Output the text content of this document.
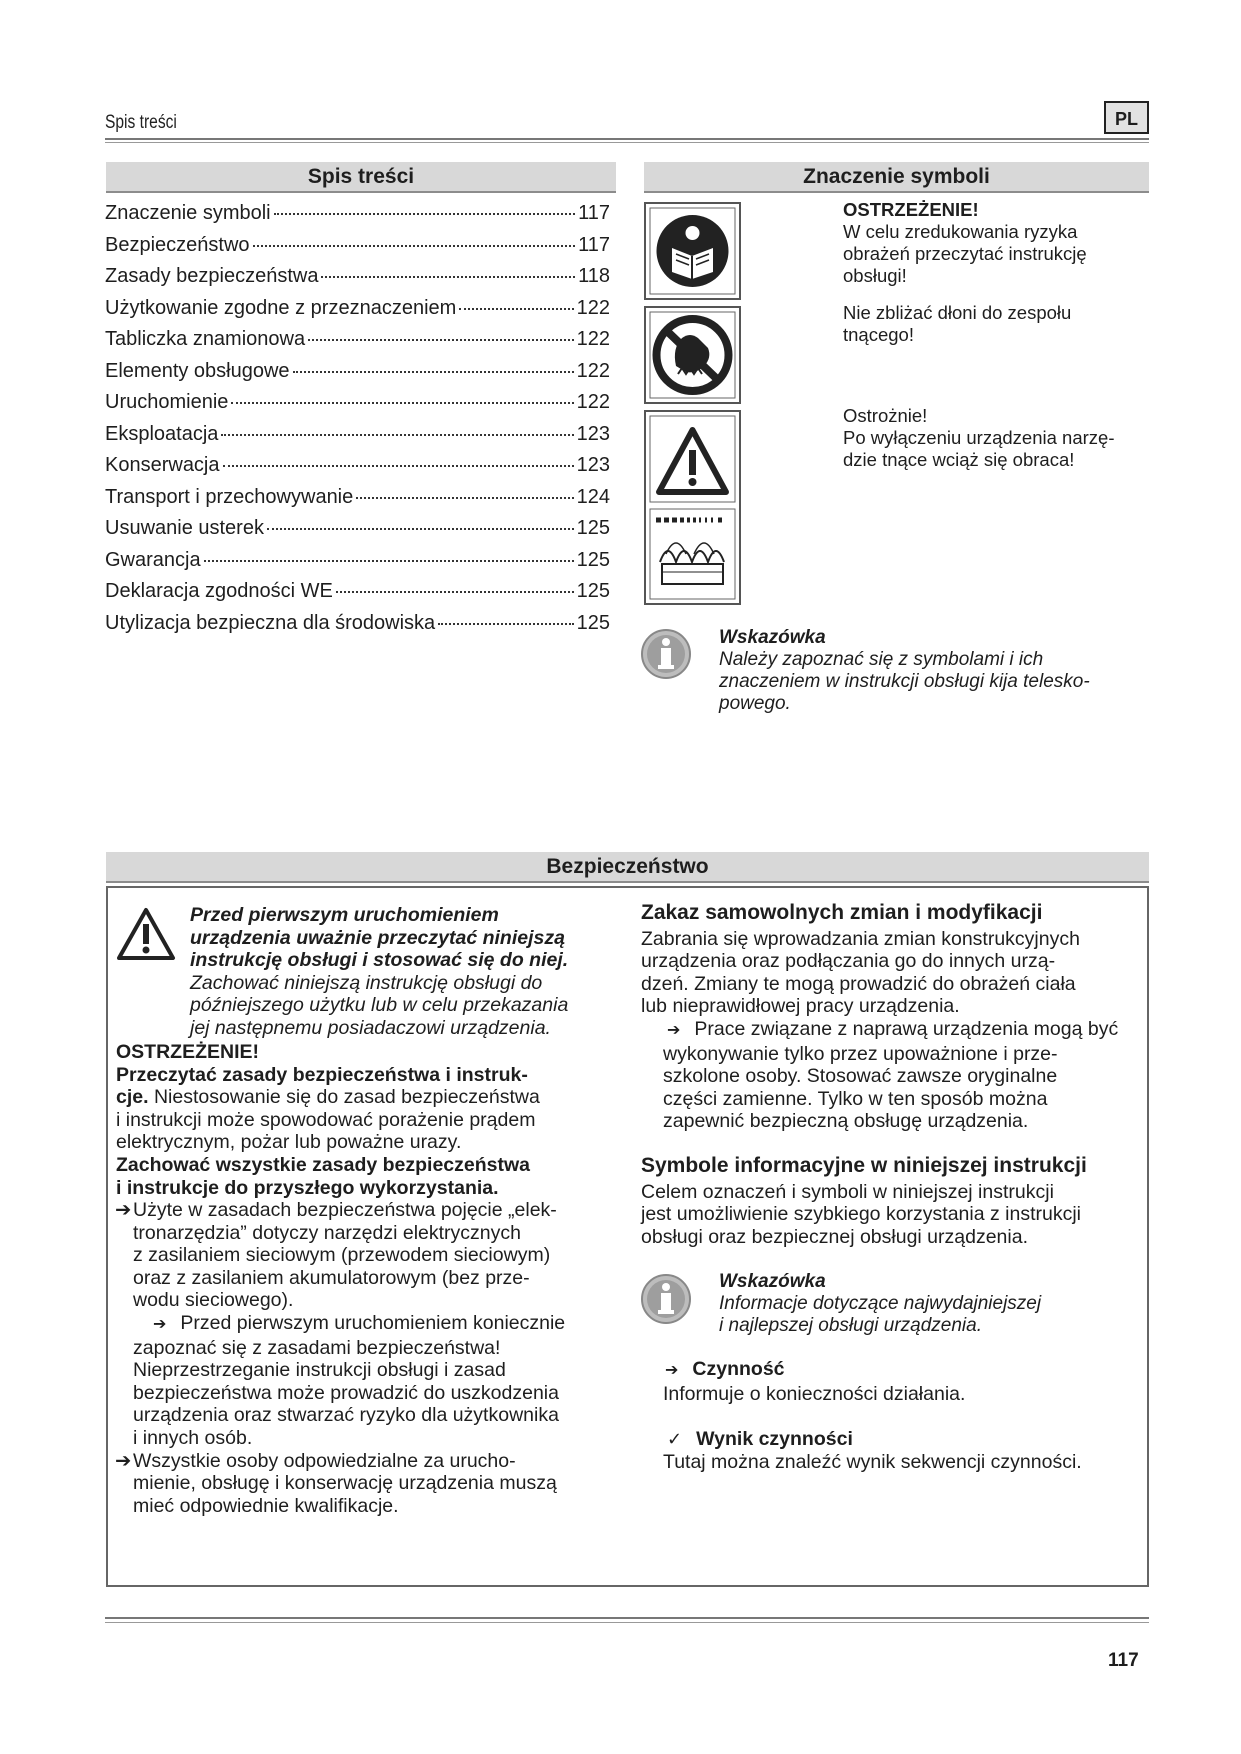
Spis treści	PL
Spis treści
Znaczenie symboli	117
Bezpieczeństwo	117
Zasady bezpieczeństwa	118
Użytkowanie zgodne z przeznaczeniem	122
Tabliczka znamionowa	122
Elementy obsługowe	122
Uruchomienie	122
Eksploatacja	123
Konserwacja	123
Transport i przechowywanie	124
Usuwanie usterek	125
Gwarancja	125
Deklaracja zgodności WE	125
Utylizacja bezpieczna dla środowiska	125
Znaczenie symboli
OSTRZEŻENIE!
W celu zredukowania ryzyka
obrażeń przeczytać instrukcję
obsługi!
Nie zbliżać dłoni do zespołu
tnącego!
Ostrożnie!
Po wyłączeniu urządzenia narzę-
dzie tnące wciąż się obraca!
Wskazówka
Należy zapoznać się z symbolami i ich
znaczeniem w instrukcji obsługi kija telesko-
powego.
Bezpieczeństwo
Przed pierwszym uruchomieniem
urządzenia uważnie przeczytać niniejszą
instrukcję obsługi i stosować się do niej.
Zachować niniejszą instrukcję obsługi do
późniejszego użytku lub w celu przekazania
jej następnemu posiadaczowi urządzenia.
OSTRZEŻENIE!
Przeczytać zasady bezpieczeństwa i instruk-
cje. Niestosowanie się do zasad bezpieczeństwa
i instrukcji może spowodować porażenie prądem
elektrycznym, pożar lub poważne urazy.
Zachować wszystkie zasady bezpieczeństwa
i instrukcje do przyszłego wykorzystania.
➔ Użyte w zasadach bezpieczeństwa pojęcie „elek-
tronarzędzia” dotyczy narzędzi elektrycznych
z zasilaniem sieciowym (przewodem sieciowym)
oraz z zasilaniem akumulatorowym (bez prze-
wodu sieciowego).
➔ Przed pierwszym uruchomieniem koniecznie
zapoznać się z zasadami bezpieczeństwa!
Nieprzestrzeganie instrukcji obsługi i zasad
bezpieczeństwa może prowadzić do uszkodzenia
urządzenia oraz stwarzać ryzyko dla użytkownika
i innych osób.
➔ Wszystkie osoby odpowiedzialne za urucho-
mienie, obsługę i konserwację urządzenia muszą
mieć odpowiednie kwalifikacje.
Zakaz samowolnych zmian i modyfikacji
Zabrania się wprowadzania zmian konstrukcyjnych
urządzenia oraz podłączania go do innych urzą-
dzeń. Zmiany te mogą prowadzić do obrażeń ciała
lub nieprawidłowej pracy urządzenia.
➔ Prace związane z naprawą urządzenia mogą być
wykonywanie tylko przez upoważnione i prze-
szkolone osoby. Stosować zawsze oryginalne
części zamienne. Tylko w ten sposób można
zapewnić bezpieczną obsługę urządzenia.
Symbole informacyjne w niniejszej instrukcji
Celem oznaczeń i symboli w niniejszej instrukcji
jest umożliwienie szybkiego korzystania z instrukcji
obsługi oraz bezpiecznej obsługi urządzenia.
Wskazówka
Informacje dotyczące najwydajniejszej
i najlepszej obsługi urządzenia.
➔ Czynność
Informuje o konieczności działania.
✓ Wynik czynności
Tutaj można znaleźć wynik sekwencji czynności.
117
